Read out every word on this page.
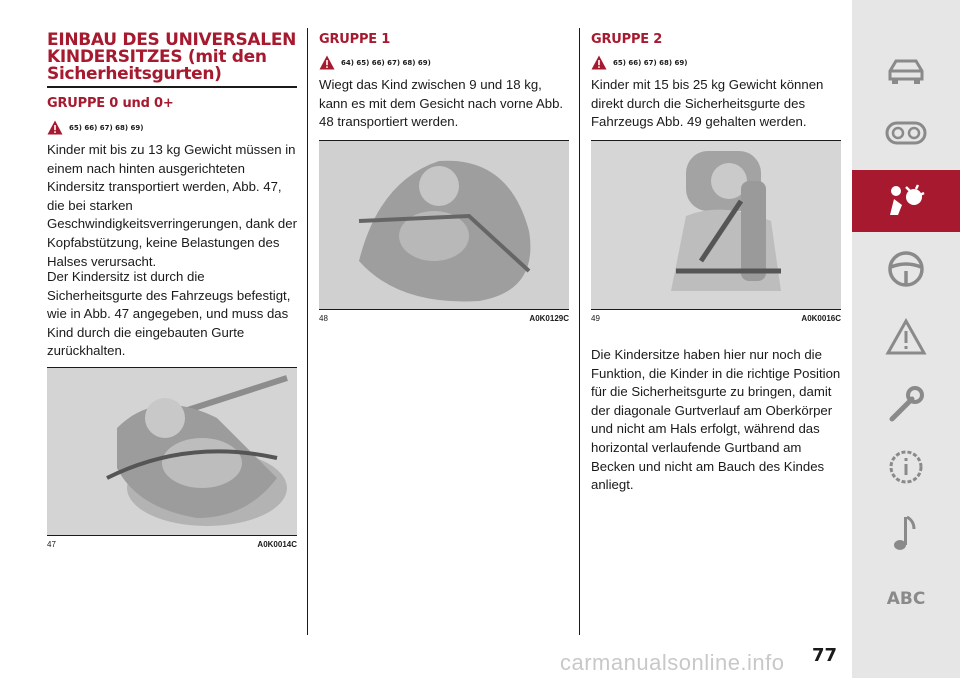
EINBAU DES UNIVERSALEN KINDERSITZES (mit den Sicherheitsgurten)
GRUPPE 0 und 0+
65) 66) 67) 68) 69)

Kinder mit bis zu 13 kg Gewicht müssen in einem nach hinten ausgerichteten Kindersitz transportiert werden, Abb. 47, die bei starken Geschwindigkeitsverringerungen, dank der Kopfabstützung, keine Belastungen des Halses verursacht.

Der Kindersitz ist durch die Sicherheitsgurte des Fahrzeugs befestigt, wie in Abb. 47 angegeben, und muss das Kind durch die eingebauten Gurte zurückhalten.

47	A0K0014C
GRUPPE 1
64) 65) 66) 67) 68) 69)

Wiegt das Kind zwischen 9 und 18 kg, kann es mit dem Gesicht nach vorne Abb. 48 transportiert werden.

48	A0K0129C
GRUPPE 2
65) 66) 67) 68) 69)

Kinder mit 15 bis 25 kg Gewicht können direkt durch die Sicherheitsgurte des Fahrzeugs Abb. 49 gehalten werden.

49	A0K0016C

Die Kindersitze haben hier nur noch die Funktion, die Kinder in die richtige Position für die Sicherheitsgurte zu bringen, damit der diagonale Gurtverlauf am Oberkörper und nicht am Hals erfolgt, während das horizontal verlaufende Gurtband am Becken und nicht am Bauch des Kindes anliegt.

ABC
carmanualsonline.info 77
